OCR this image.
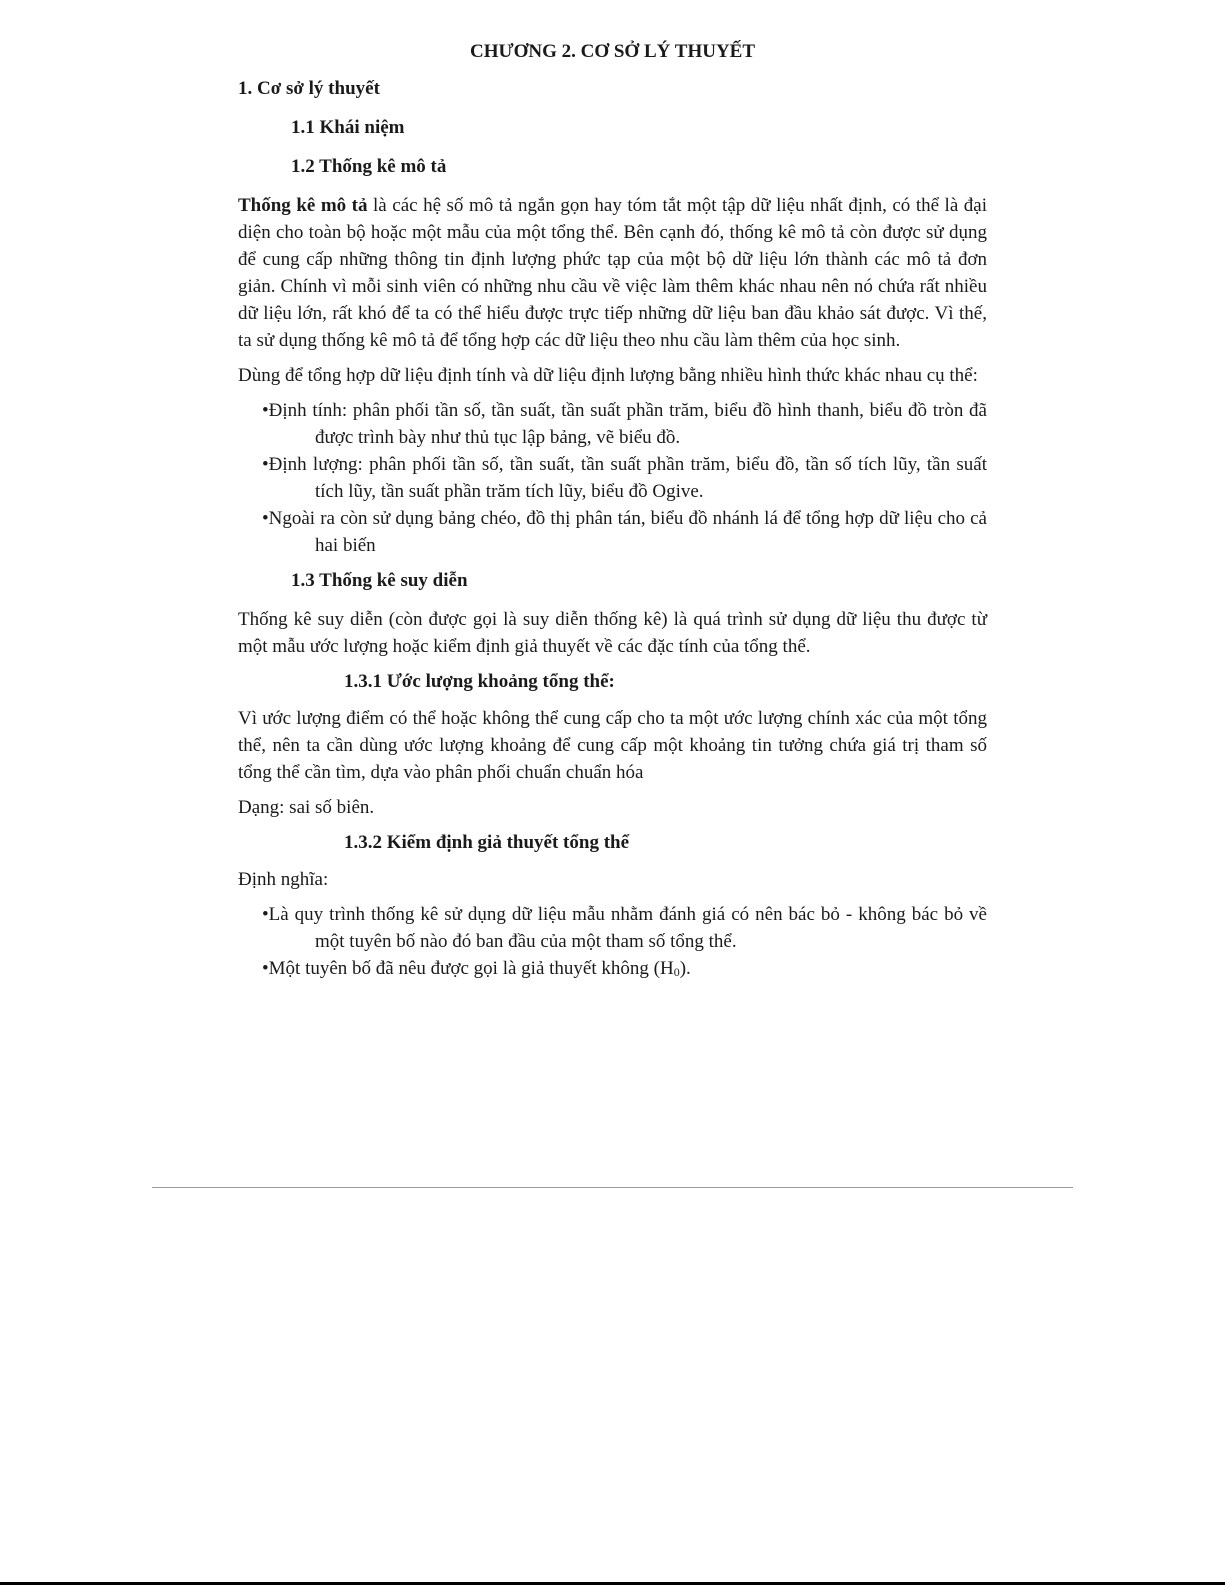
CHƯƠNG 2. CƠ SỞ LÝ THUYẾT
1. Cơ sở lý thuyết
1.1 Khái niệm
1.2 Thống kê mô tả
Thống kê mô tả là các hệ số mô tả ngắn gọn hay tóm tắt một tập dữ liệu nhất định, có thể là đại diện cho toàn bộ hoặc một mẫu của một tổng thể. Bên cạnh đó, thống kê mô tả còn được sử dụng để cung cấp những thông tin định lượng phức tạp của một bộ dữ liệu lớn thành các mô tả đơn giản. Chính vì mỗi sinh viên có những nhu cầu về việc làm thêm khác nhau nên nó chứa rất nhiều dữ liệu lớn, rất khó để ta có thể hiểu được trực tiếp những dữ liệu ban đầu khảo sát được. Vì thế, ta sử dụng thống kê mô tả để tổng hợp các dữ liệu theo nhu cầu làm thêm của học sinh.
Dùng để tổng hợp dữ liệu định tính và dữ liệu định lượng bằng nhiều hình thức khác nhau cụ thể:
•Định tính: phân phối tần số, tần suất, tần suất phần trăm, biểu đồ hình thanh, biểu đồ tròn đã được trình bày như thủ tục lập bảng, vẽ biểu đồ.
•Định lượng: phân phối tần số, tần suất, tần suất phần trăm, biểu đồ, tần số tích lũy, tần suất tích lũy, tần suất phần trăm tích lũy, biểu đồ Ogive.
•Ngoài ra còn sử dụng bảng chéo, đồ thị phân tán, biểu đồ nhánh lá để tổng hợp dữ liệu cho cả hai biến
1.3 Thống kê suy diễn
Thống kê suy diễn (còn được gọi là suy diễn thống kê) là quá trình sử dụng dữ liệu thu được từ một mẫu ước lượng hoặc kiểm định giả thuyết về các đặc tính của tổng thể.
1.3.1 Ước lượng khoảng tổng thể:
Vì ước lượng điểm có thể hoặc không thể cung cấp cho ta một ước lượng chính xác của một tổng thể, nên ta cần dùng ước lượng khoảng để cung cấp một khoảng tin tưởng chứa giá trị tham số tổng thể cần tìm, dựa vào phân phối chuẩn chuẩn hóa
Dạng: sai số biên.
1.3.2 Kiểm định giả thuyết tổng thể
Định nghĩa:
•Là quy trình thống kê sử dụng dữ liệu mẫu nhằm đánh giá có nên bác bỏ - không bác bỏ về một tuyên bố nào đó ban đầu của một tham số tổng thể.
•Một tuyên bố đã nêu được gọi là giả thuyết không (H0).
